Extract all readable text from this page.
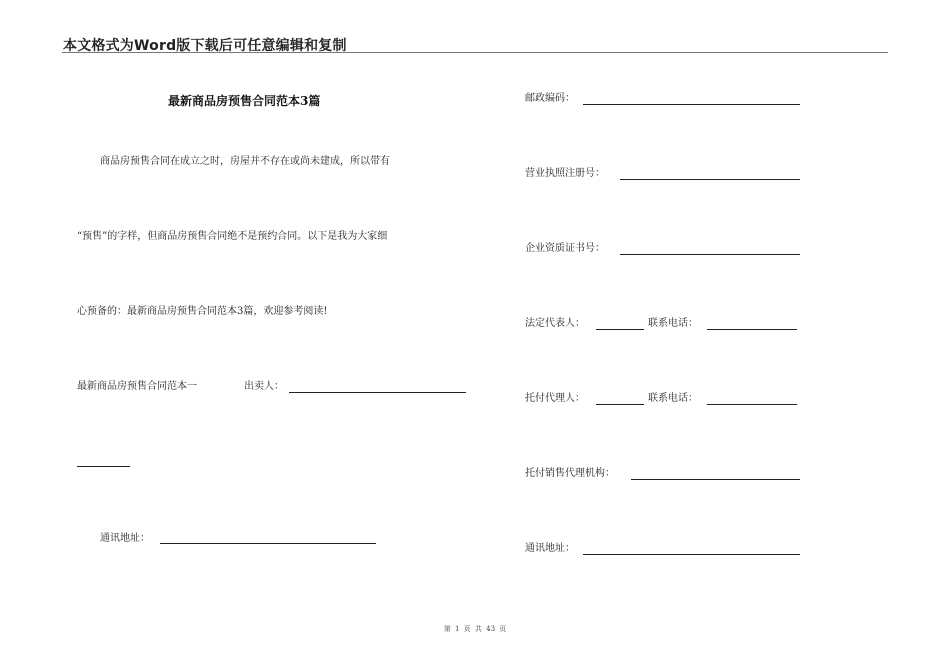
本文格式为Word版下载后可任意编辑和复制
最新商品房预售合同范本3篇
商品房预售合同在成立之时，房屋并不存在或尚未建成，所以带有
“预售”的字样，但商品房预售合同绝不是预约合同。以下是我为大家细
心预备的：最新商品房预售合同范本3篇，欢迎参考阅读!
最新商品房预售合同范本一	出卖人：
通讯地址：
邮政编码：
营业执照注册号：
企业资质证书号：
法定代表人：	联系电话：
托付代理人：	联系电话：
托付销售代理机构：
通讯地址：
第 1 页 共 43 页
